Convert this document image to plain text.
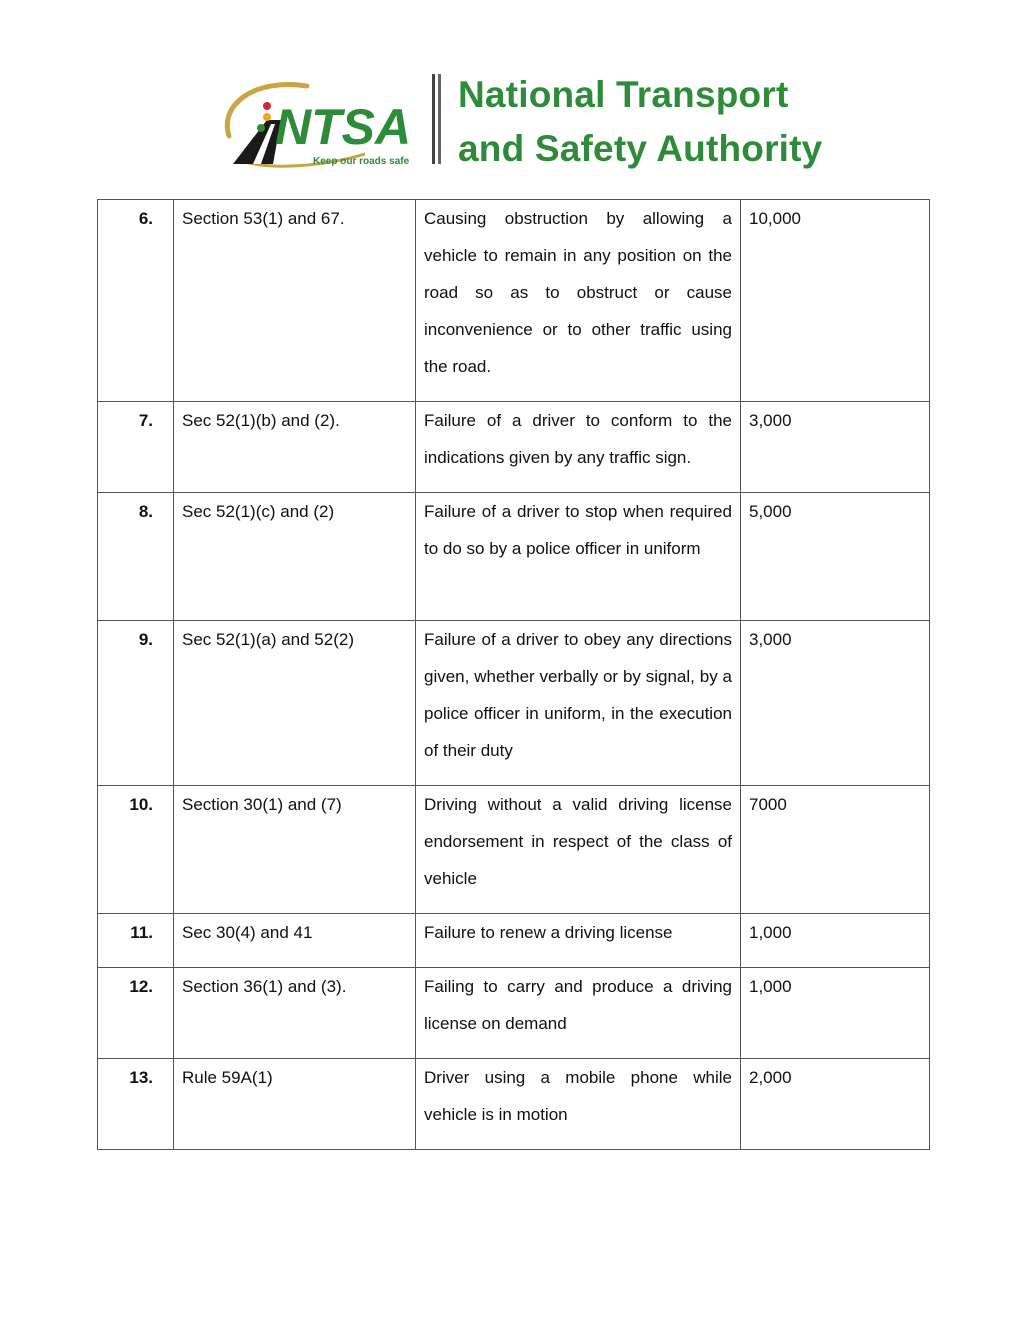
NTSA
Keep our roads safe
National Transport
and Safety Authority
6.	Section 53(1) and 67.	Causing obstruction by allowing a vehicle to remain in any position on the road so as to obstruct or cause inconvenience or to other traffic using the road.	10,000
7.	Sec 52(1)(b) and (2).	Failure of a driver to conform to the indications given by any traffic sign.	3,000
8.	Sec 52(1)(c) and (2)	Failure of a driver to stop when required to do so by a police officer in uniform	5,000
9.	Sec 52(1)(a) and 52(2)	Failure of a driver to obey any directions given, whether verbally or by signal, by a police officer in uniform, in the execution of their duty	3,000
10.	Section 30(1) and (7)	Driving without a valid driving license endorsement in respect of the class of vehicle	7000
11.	Sec 30(4) and 41	Failure to renew a driving license	1,000
12.	Section 36(1) and (3).	Failing to carry and produce a driving license on demand	1,000
13.	Rule 59A(1)	Driver using a mobile phone while vehicle is in motion	2,000
